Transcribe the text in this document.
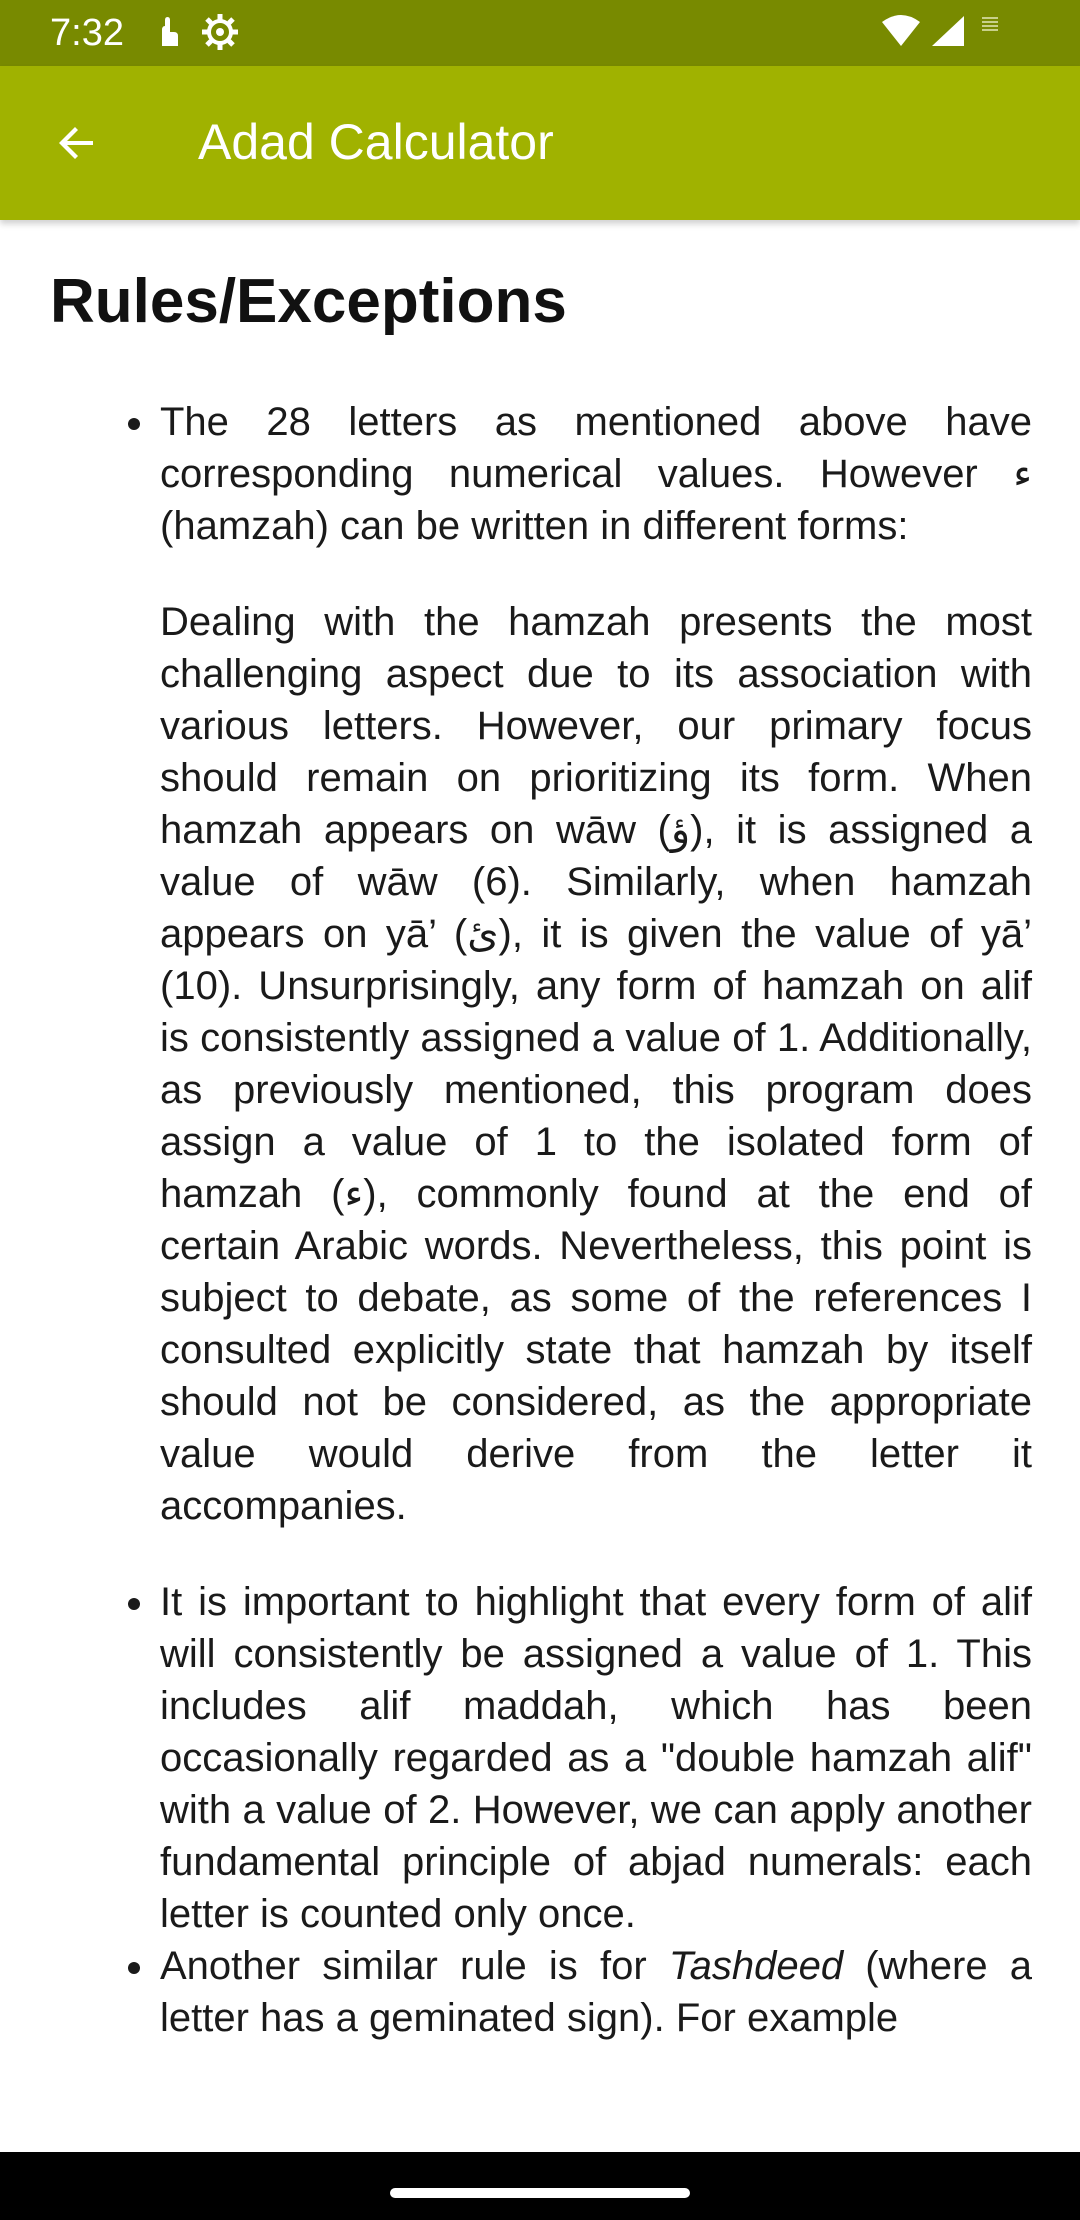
7:32
Adad Calculator
Rules/Exceptions

The 28 letters as mentioned above have corresponding numerical values. However ء (hamzah) can be written in different forms:

Dealing with the hamzah presents the most challenging aspect due to its association with various letters. However, our primary focus should remain on prioritizing its form. When hamzah appears on wāw (ؤ), it is assigned a value of wāw (6). Similarly, when hamzah appears on yā’ (ئ), it is given the value of yā’ (10). Unsurprisingly, any form of hamzah on alif is consistently assigned a value of 1. Additionally, as previously mentioned, this program does assign a value of 1 to the isolated form of hamzah (ء), commonly found at the end of certain Arabic words. Nevertheless, this point is subject to debate, as some of the references I consulted explicitly state that hamzah by itself should not be considered, as the appropriate value would derive from the letter it accompanies.

It is important to highlight that every form of alif will consistently be assigned a value of 1. This includes alif maddah, which has been occasionally regarded as a "double hamzah alif" with a value of 2. However, we can apply another fundamental principle of abjad numerals: each letter is counted only once.

Another similar rule is for Tashdeed (where a letter has a geminated sign). For example
